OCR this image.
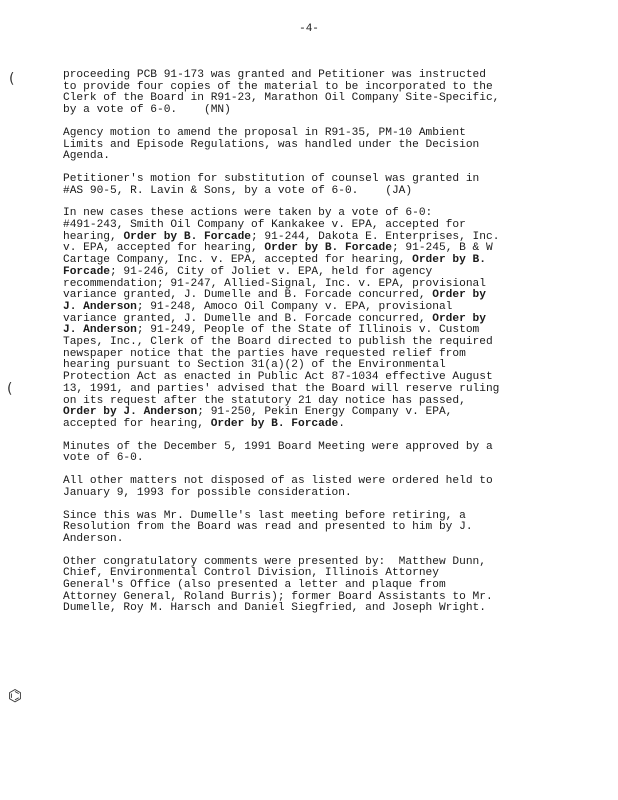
-4-
(
(
⌬
proceeding PCB 91-173 was granted and Petitioner was instructed
to provide four copies of the material to be incorporated to the
Clerk of the Board in R91-23, Marathon Oil Company Site-Specific,
by a vote of 6-0.    (MN)
Agency motion to amend the proposal in R91-35, PM-10 Ambient
Limits and Episode Regulations, was handled under the Decision
Agenda.
Petitioner's motion for substitution of counsel was granted in
#AS 90-5, R. Lavin & Sons, by a vote of 6-0.    (JA)
In new cases these actions were taken by a vote of 6-0:
#491-243, Smith Oil Company of Kankakee v. EPA, accepted for
hearing, Order by B. Forcade; 91-244, Dakota E. Enterprises, Inc.
v. EPA, accepted for hearing, Order by B. Forcade; 91-245, B & W
Cartage Company, Inc. v. EPA, accepted for hearing, Order by B.
Forcade; 91-246, City of Joliet v. EPA, held for agency
recommendation; 91-247, Allied-Signal, Inc. v. EPA, provisional
variance granted, J. Dumelle and B. Forcade concurred, Order by
J. Anderson; 91-248, Amoco Oil Company v. EPA, provisional
variance granted, J. Dumelle and B. Forcade concurred, Order by
J. Anderson; 91-249, People of the State of Illinois v. Custom
Tapes, Inc., Clerk of the Board directed to publish the required
newspaper notice that the parties have requested relief from
hearing pursuant to Section 31(a)(2) of the Environmental
Protection Act as enacted in Public Act 87-1034 effective August
13, 1991, and parties' advised that the Board will reserve ruling
on its request after the statutory 21 day notice has passed,
Order by J. Anderson; 91-250, Pekin Energy Company v. EPA,
accepted for hearing, Order by B. Forcade.
Minutes of the December 5, 1991 Board Meeting were approved by a
vote of 6-0.
All other matters not disposed of as listed were ordered held to
January 9, 1993 for possible consideration.
Since this was Mr. Dumelle's last meeting before retiring, a
Resolution from the Board was read and presented to him by J.
Anderson.
Other congratulatory comments were presented by:  Matthew Dunn,
Chief, Environmental Control Division, Illinois Attorney
General's Office (also presented a letter and plaque from
Attorney General, Roland Burris); former Board Assistants to Mr.
Dumelle, Roy M. Harsch and Daniel Siegfried, and Joseph Wright.
